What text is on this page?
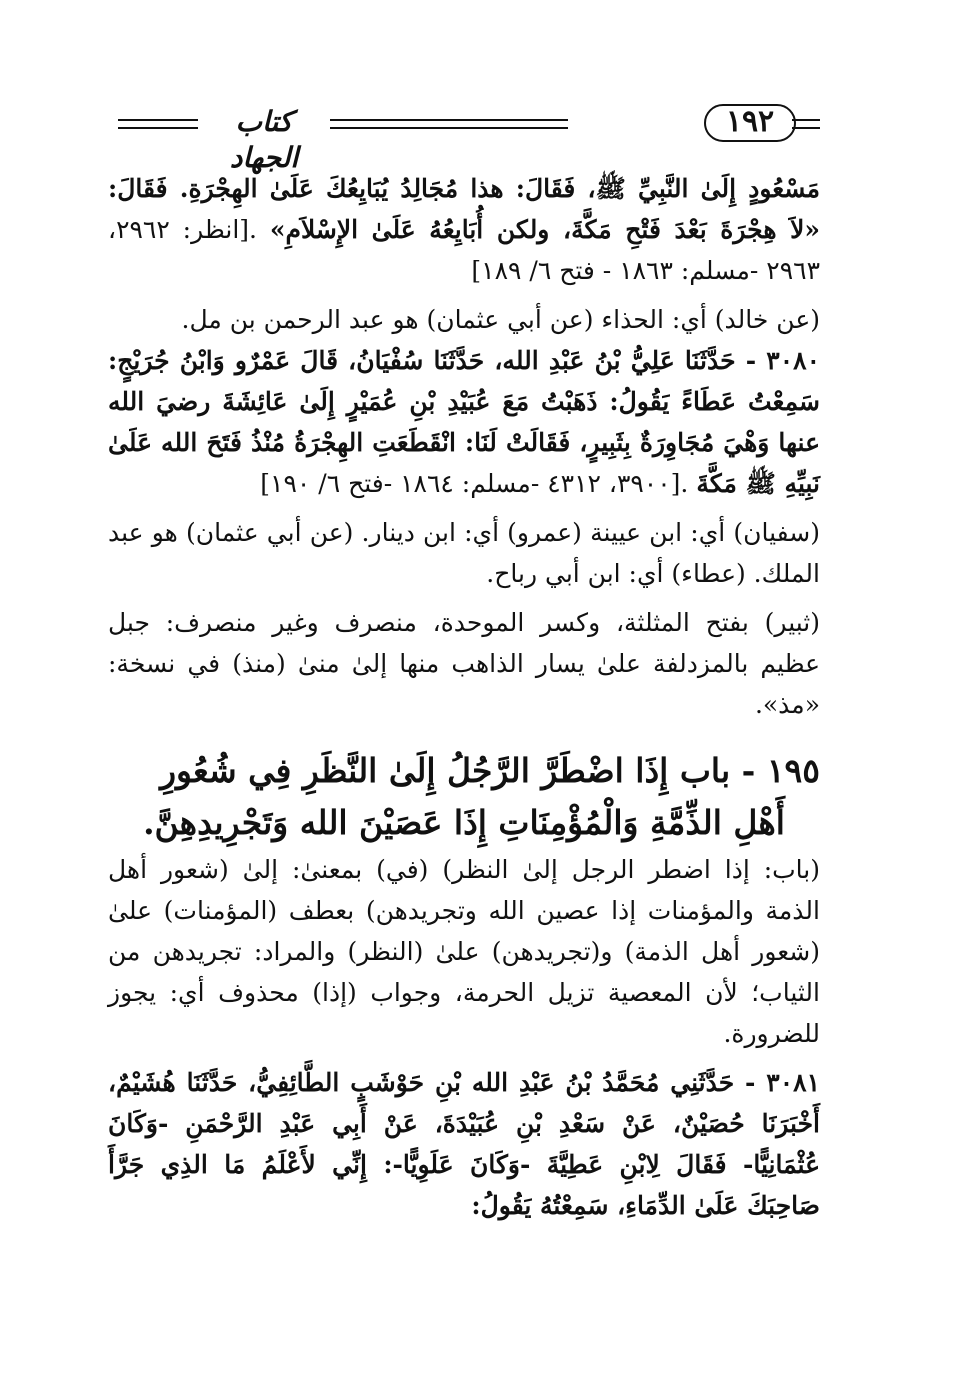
كتاب الجهاد
١٩٢

مَسْعُودٍ إِلَىٰ النَّبِيِّ ﷺ، فَقَالَ: هذا مُجَالِدُ يُبَايِعُكَ عَلَىٰ الهِجْرَةِ. فَقَالَ: «لاَ هِجْرَةَ بَعْدَ فَتْحِ مَكَّةَ، ولكن أُبَايِعُهُ عَلَىٰ الإِسْلاَمِ» .[انظر: ٢٩٦٢، ٢٩٦٣ -مسلم: ١٨٦٣ - فتح ٦/ ١٨٩]

(عن خالد) أي: الحذاء (عن أبي عثمان) هو عبد الرحمن بن مل.

٣٠٨٠ - حَدَّثَنَا عَلِيُّ بْنُ عَبْدِ الله، حَدَّثَنَا سُفْيَانُ، قَالَ عَمْرٌو وَابْنُ جُرَيْجٍ: سَمِعْتُ عَطَاءً يَقُولُ: ذَهَبْتُ مَعَ عُبَيْدِ بْنِ عُمَيْرٍ إِلَىٰ عَائِشَةَ رضيَ الله عنها وَهْيَ مُجَاوِرَةٌ بِثَبِيرٍ، فَقَالَتْ لَنَا: انْقَطَعَتِ الهِجْرَةُ مُنْذُ فَتَحَ الله عَلَىٰ نَبِيِّهِ ﷺ مَكَّةَ .[٣٩٠٠، ٤٣١٢ -مسلم: ١٨٦٤ -فتح ٦/ ١٩٠]

(سفيان) أي: ابن عيينة (عمرو) أي: ابن دينار. (عن أبي عثمان) هو عبد الملك. (عطاء) أي: ابن أبي رباح.

(ثبير) بفتح المثلثة، وكسر الموحدة، منصرف وغير منصرف: جبل عظيم بالمزدلفة علىٰ يسار الذاهب منها إلىٰ منىٰ (منذ) في نسخة: «مذ».

١٩٥ - باب إِذَا اضْطَرَّ الرَّجُلُ إِلَىٰ النَّظَرِ فِي شُعُورِ أَهْلِ الذِّمَّةِ وَالْمُؤْمِنَاتِ إِذَا عَصَيْنَ الله وَتَجْرِيدِهِنَّ.

(باب: إذا اضطر الرجل إلىٰ النظر) (في) بمعنىٰ: إلىٰ (شعور أهل الذمة والمؤمنات إذا عصين الله وتجريدهن) بعطف (المؤمنات) علىٰ (شعور أهل الذمة) و(تجريدهن) علىٰ (النظر) والمراد: تجريدهن من الثياب؛ لأن المعصية تزيل الحرمة، وجواب (إذا) محذوف أي: يجوز للضرورة.

٣٠٨١ - حَدَّثَنِي مُحَمَّدُ بْنُ عَبْدِ الله بْنِ حَوْشَبٍ الطَّائِفِيُّ، حَدَّثَنَا هُشَيْمٌ، أَخْبَرَنَا حُصَيْنٌ، عَنْ سَعْدِ بْنِ عُبَيْدَةَ، عَنْ أَبِي عَبْدِ الرَّحْمَنِ -وَكَانَ عُثْمَانِيًّا- فَقَالَ لِابْنِ عَطِيَّةَ -وَكَانَ عَلَوِيًّا-: إِنِّي لأَعْلَمُ مَا الذِي جَرَّأَ صَاحِبَكَ عَلَىٰ الدِّمَاءِ، سَمِعْتُهُ يَقُولُ:
